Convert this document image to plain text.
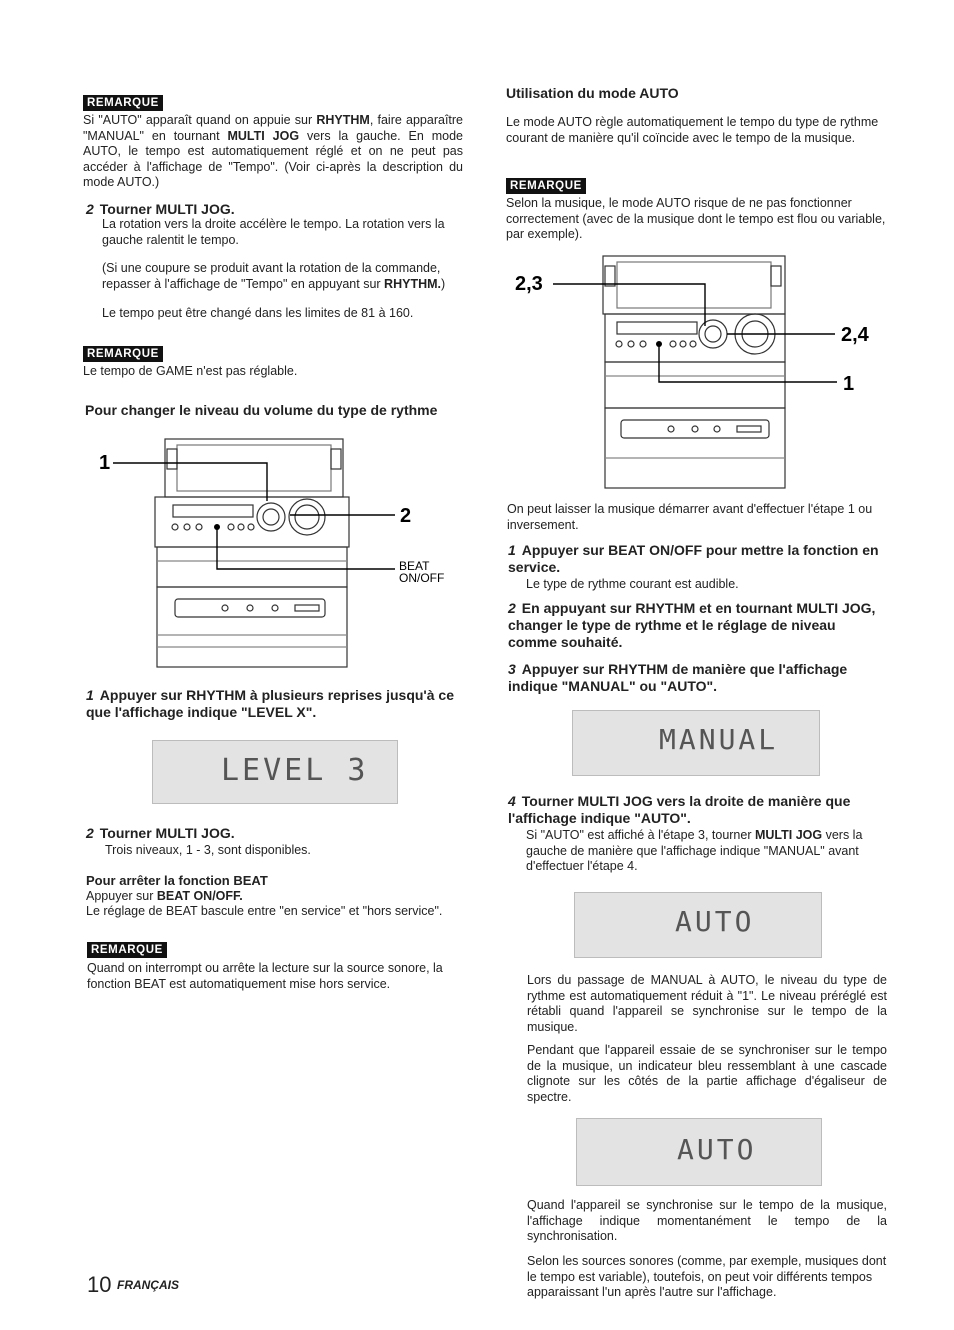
REMARQUE
Si "AUTO" apparaît quand on appuie sur RHYTHM, faire apparaître "MANUAL" en tournant MULTI JOG vers la gauche. En mode AUTO, le tempo est automatiquement réglé et on ne peut pas accéder à l'affichage de "Tempo". (Voir ci-après la description du mode AUTO.)
2 Tourner MULTI JOG.
La rotation vers la droite accélère le tempo. La rotation vers la gauche ralentit le tempo.
(Si une coupure se produit avant la rotation de la commande, repasser à l'affichage de "Tempo" en appuyant sur RHYTHM.)
Le tempo peut être changé dans les limites de 81 à 160.
REMARQUE
Le tempo de GAME n'est pas réglable.
Pour changer le niveau du volume du type de rythme
1
2
BEAT
ON/OFF
1 Appuyer sur RHYTHM à plusieurs reprises jusqu'à ce que l'affichage indique "LEVEL X".
LEVEL 3
2 Tourner MULTI JOG.
Trois niveaux, 1 - 3, sont disponibles.
Pour arrêter la fonction BEAT
Appuyer sur BEAT ON/OFF.
Le réglage de BEAT bascule entre "en service" et "hors service".
REMARQUE
Quand on interrompt ou arrête la lecture sur la source sonore, la fonction BEAT est automatiquement mise hors service.
10 FRANÇAIS
Utilisation du mode AUTO
Le mode AUTO règle automatiquement le tempo du type de rythme courant de manière qu'il coïncide avec le tempo de la musique.
REMARQUE
Selon la musique, le mode AUTO risque de ne pas fonctionner correctement (avec de la musique dont le tempo est flou ou variable, par exemple).
2,3
2,4
1
On peut laisser la musique démarrer avant d'effectuer l'étape 1 ou inversement.
1 Appuyer sur BEAT ON/OFF pour mettre la fonction en service.
Le type de rythme courant est audible.
2 En appuyant sur RHYTHM et en tournant MULTI JOG, changer le type de rythme et le réglage de niveau comme souhaité.
3 Appuyer sur RHYTHM de manière que l'affichage indique "MANUAL" ou "AUTO".
MANUAL
4 Tourner MULTI JOG vers la droite de manière que l'affichage indique "AUTO".
Si "AUTO" est affiché à l'étape 3, tourner MULTI JOG vers la gauche de manière que l'affichage indique "MANUAL" avant d'effectuer l'étape 4.
AUTO
Lors du passage de MANUAL à AUTO, le niveau du type de rythme est automatiquement réduit à "1". Le niveau préréglé est rétabli quand l'appareil se synchronise sur le tempo de la musique.
Pendant que l'appareil essaie de se synchroniser sur le tempo de la musique, un indicateur bleu ressemblant à une cascade clignote sur les côtés de la partie affichage d'égaliseur de spectre.
AUTO
Quand l'appareil se synchronise sur le tempo de la musique, l'affichage indique momentanément le tempo de la synchronisation.
Selon les sources sonores (comme, par exemple, musiques dont le tempo est variable), toutefois, on peut voir différents tempos apparaissant l'un après l'autre sur l'affichage.
